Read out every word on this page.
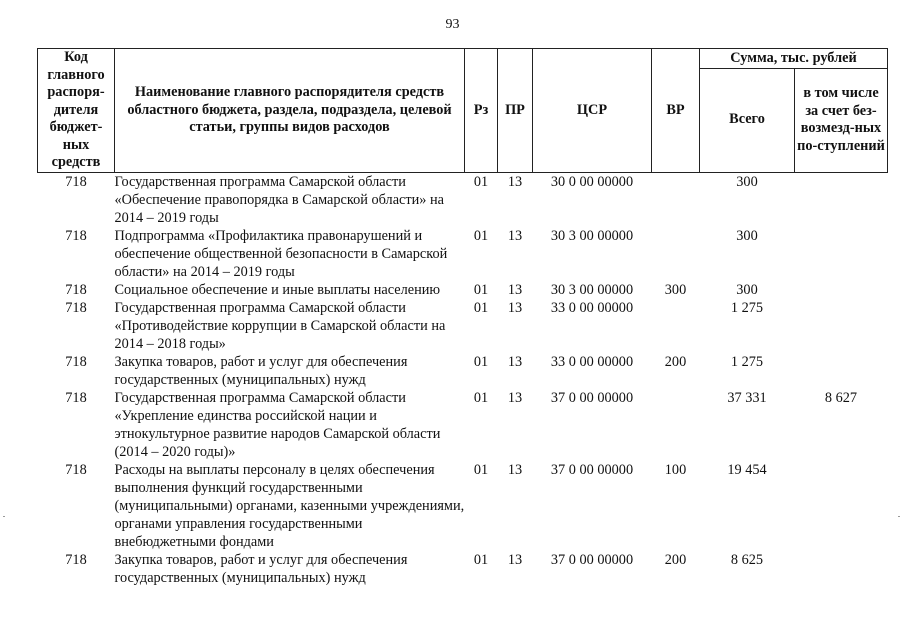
93
Код главного распоря-дителя бюджет-ных средств	Наименование главного распорядителя средств областного бюджета, раздела, подраздела, целевой статьи, группы видов расходов	Рз	ПР	ЦСР	ВР	Сумма, тыс. рублей	
						Всего	в том числе за счет без-возмезд-ных по-ступлений
718	Государственная программа Самарской области «Обеспечение правопорядка в Самарской области» на 2014 – 2019 годы	01	13	30 0 00 00000		300	
718	Подпрограмма «Профилактика правонарушений и обеспечение общественной безопасности в Самарской области» на 2014 – 2019 годы	01	13	30 3 00 00000		300	
718	Социальное обеспечение и иные выплаты населению	01	13	30 3 00 00000	300	300	
718	Государственная программа Самарской области «Противодействие коррупции в Самарской области на 2014 – 2018 годы»	01	13	33 0 00 00000		1 275	
718	Закупка товаров, работ и услуг для обеспечения государственных (муниципальных) нужд	01	13	33 0 00 00000	200	1 275	
718	Государственная программа Самарской области «Укрепление единства российской нации и этнокультурное развитие народов Самарской области (2014 – 2020 годы)»	01	13	37 0 00 00000		37 331	8 627
718	Расходы на выплаты персоналу в целях обеспечения выполнения функций государственными (муниципальными) органами, казенными учреждениями, органами управления государственными внебюджетными фондами	01	13	37 0 00 00000	100	19 454	
718	Закупка товаров, работ и услуг для обеспечения государственных (муниципальных) нужд	01	13	37 0 00 00000	200	8 625	
